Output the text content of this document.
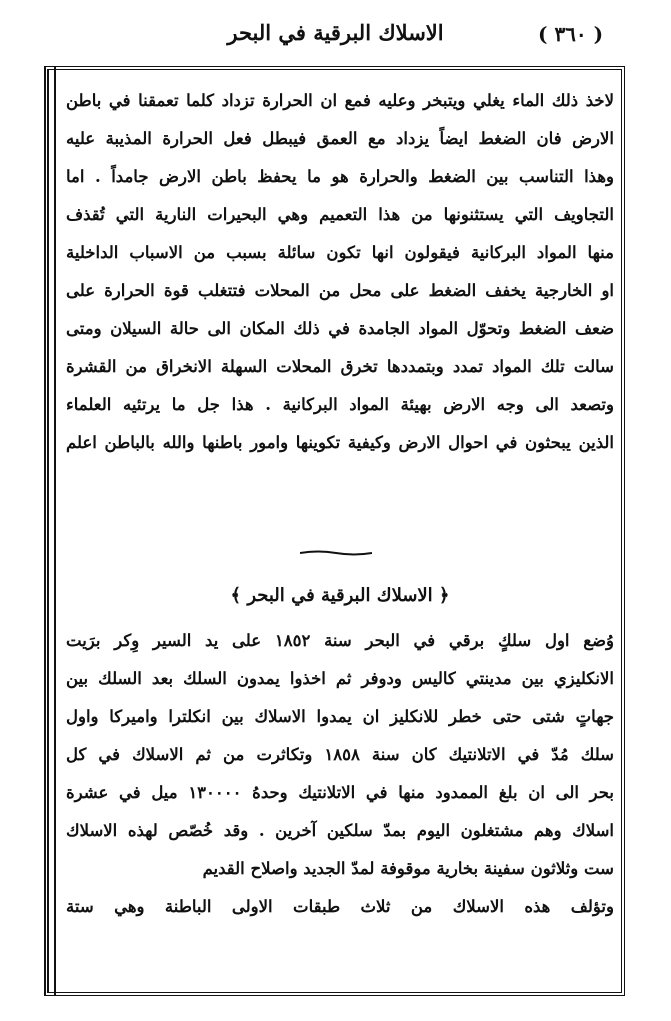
الاسلاك البرقية في البحر	( ٣٦٠ )
لاخذ ذلك الماء يغلي ويتبخر وعليه فمع ان الحرارة تزداد كلما تعمقنا في باطن
الارض فان الضغط ايضاً يزداد مع العمق فيبطل فعل الحرارة المذيبة عليه
وهذا التناسب بين الضغط والحرارة هو ما يحفظ باطن الارض جامداً . اما
التجاويف التي يستثنونها من هذا التعميم وهي البحيرات النارية التي تُقذف
منها المواد البركانية فيقولون انها تكون سائلة بسبب من الاسباب الداخلية
او الخارجية يخفف الضغط على محل من المحلات فتتغلب قوة الحرارة على
ضعف الضغط وتحوّل المواد الجامدة في ذلك المكان الى حالة السيلان ومتى
سالت تلك المواد تمدد وبتمددها تخرق المحلات السهلة الانخراق من القشرة
وتصعد الى وجه الارض بهيئة المواد البركانية . هذا جل ما يرتئيه العلماء
الذين يبحثون في احوال الارض وكيفية تكوينها وامور باطنها والله بالباطن اعلم
﴿ الاسلاك البرقية في البحر ﴾
وُضع اول سلكٍ برقي في البحر سنة ١٨٥٢ على يد السير وِكر برَيت
الانكليزي بين مدينتي كاليس ودوفر ثم اخذوا يمدون السلك بعد السلك بين
جهاتٍ شتى حتى خطر للانكليز ان يمدوا الاسلاك بين انكلترا واميركا واول
سلك مُدّ في الاتلانتيك كان سنة ١٨٥٨ وتكاثرت من ثم الاسلاك في كل
بحر الى ان بلغ الممدود منها في الاتلانتيك وحدهُ ١٣٠٠٠٠ ميل في عشرة
اسلاك وهم مشتغلون اليوم بمدّ سلكين آخرين . وقد خُصّص لهذه الاسلاك
ست وثلاثون سفينة بخارية موقوفة لمدّ الجديد واصلاح القديم
وتؤلف هذه الاسلاك من ثلاث طبقات الاولى الباطنة وهي ستة
